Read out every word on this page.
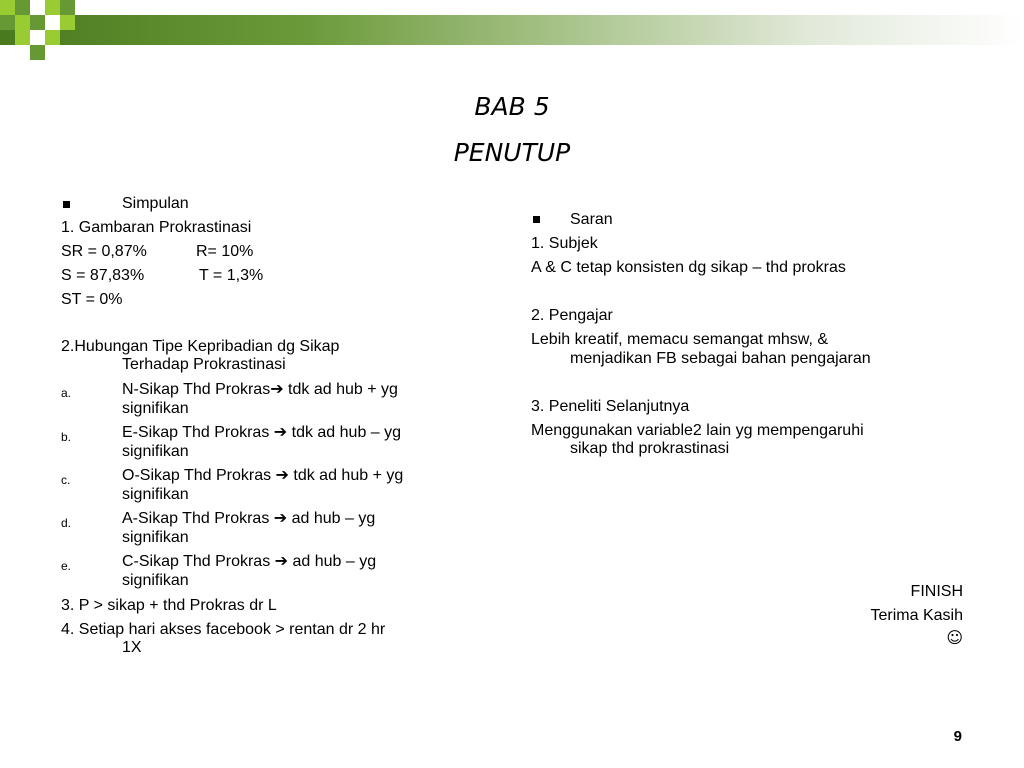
BAB 5
PENUTUP
Simpulan
1. Gambaran Prokrastinasi
SR = 0,87%	R= 10%
S = 87,83%	T = 1,3%
ST = 0%
2.Hubungan Tipe Kepribadian dg Sikap
Terhadap Prokrastinasi
a.	N-Sikap Thd Prokras➔ tdk ad hub + yg
signifikan
b.	E-Sikap Thd Prokras ➔ tdk ad hub – yg
signifikan
c.	O-Sikap Thd Prokras ➔ tdk ad hub + yg
signifikan
d.	A-Sikap Thd Prokras ➔ ad hub – yg
signifikan
e.	C-Sikap Thd Prokras ➔ ad hub – yg
signifikan
3. P > sikap + thd Prokras dr L
4. Setiap hari akses facebook > rentan dr 2 hr
1X
Saran
1. Subjek
A & C tetap konsisten dg sikap – thd prokras
2. Pengajar
Lebih kreatif, memacu semangat mhsw, &
menjadikan FB sebagai bahan pengajaran
3. Peneliti Selanjutnya
Menggunakan variable2 lain yg mempengaruhi
sikap thd prokrastinasi
FINISH
Terima Kasih
☺
9
